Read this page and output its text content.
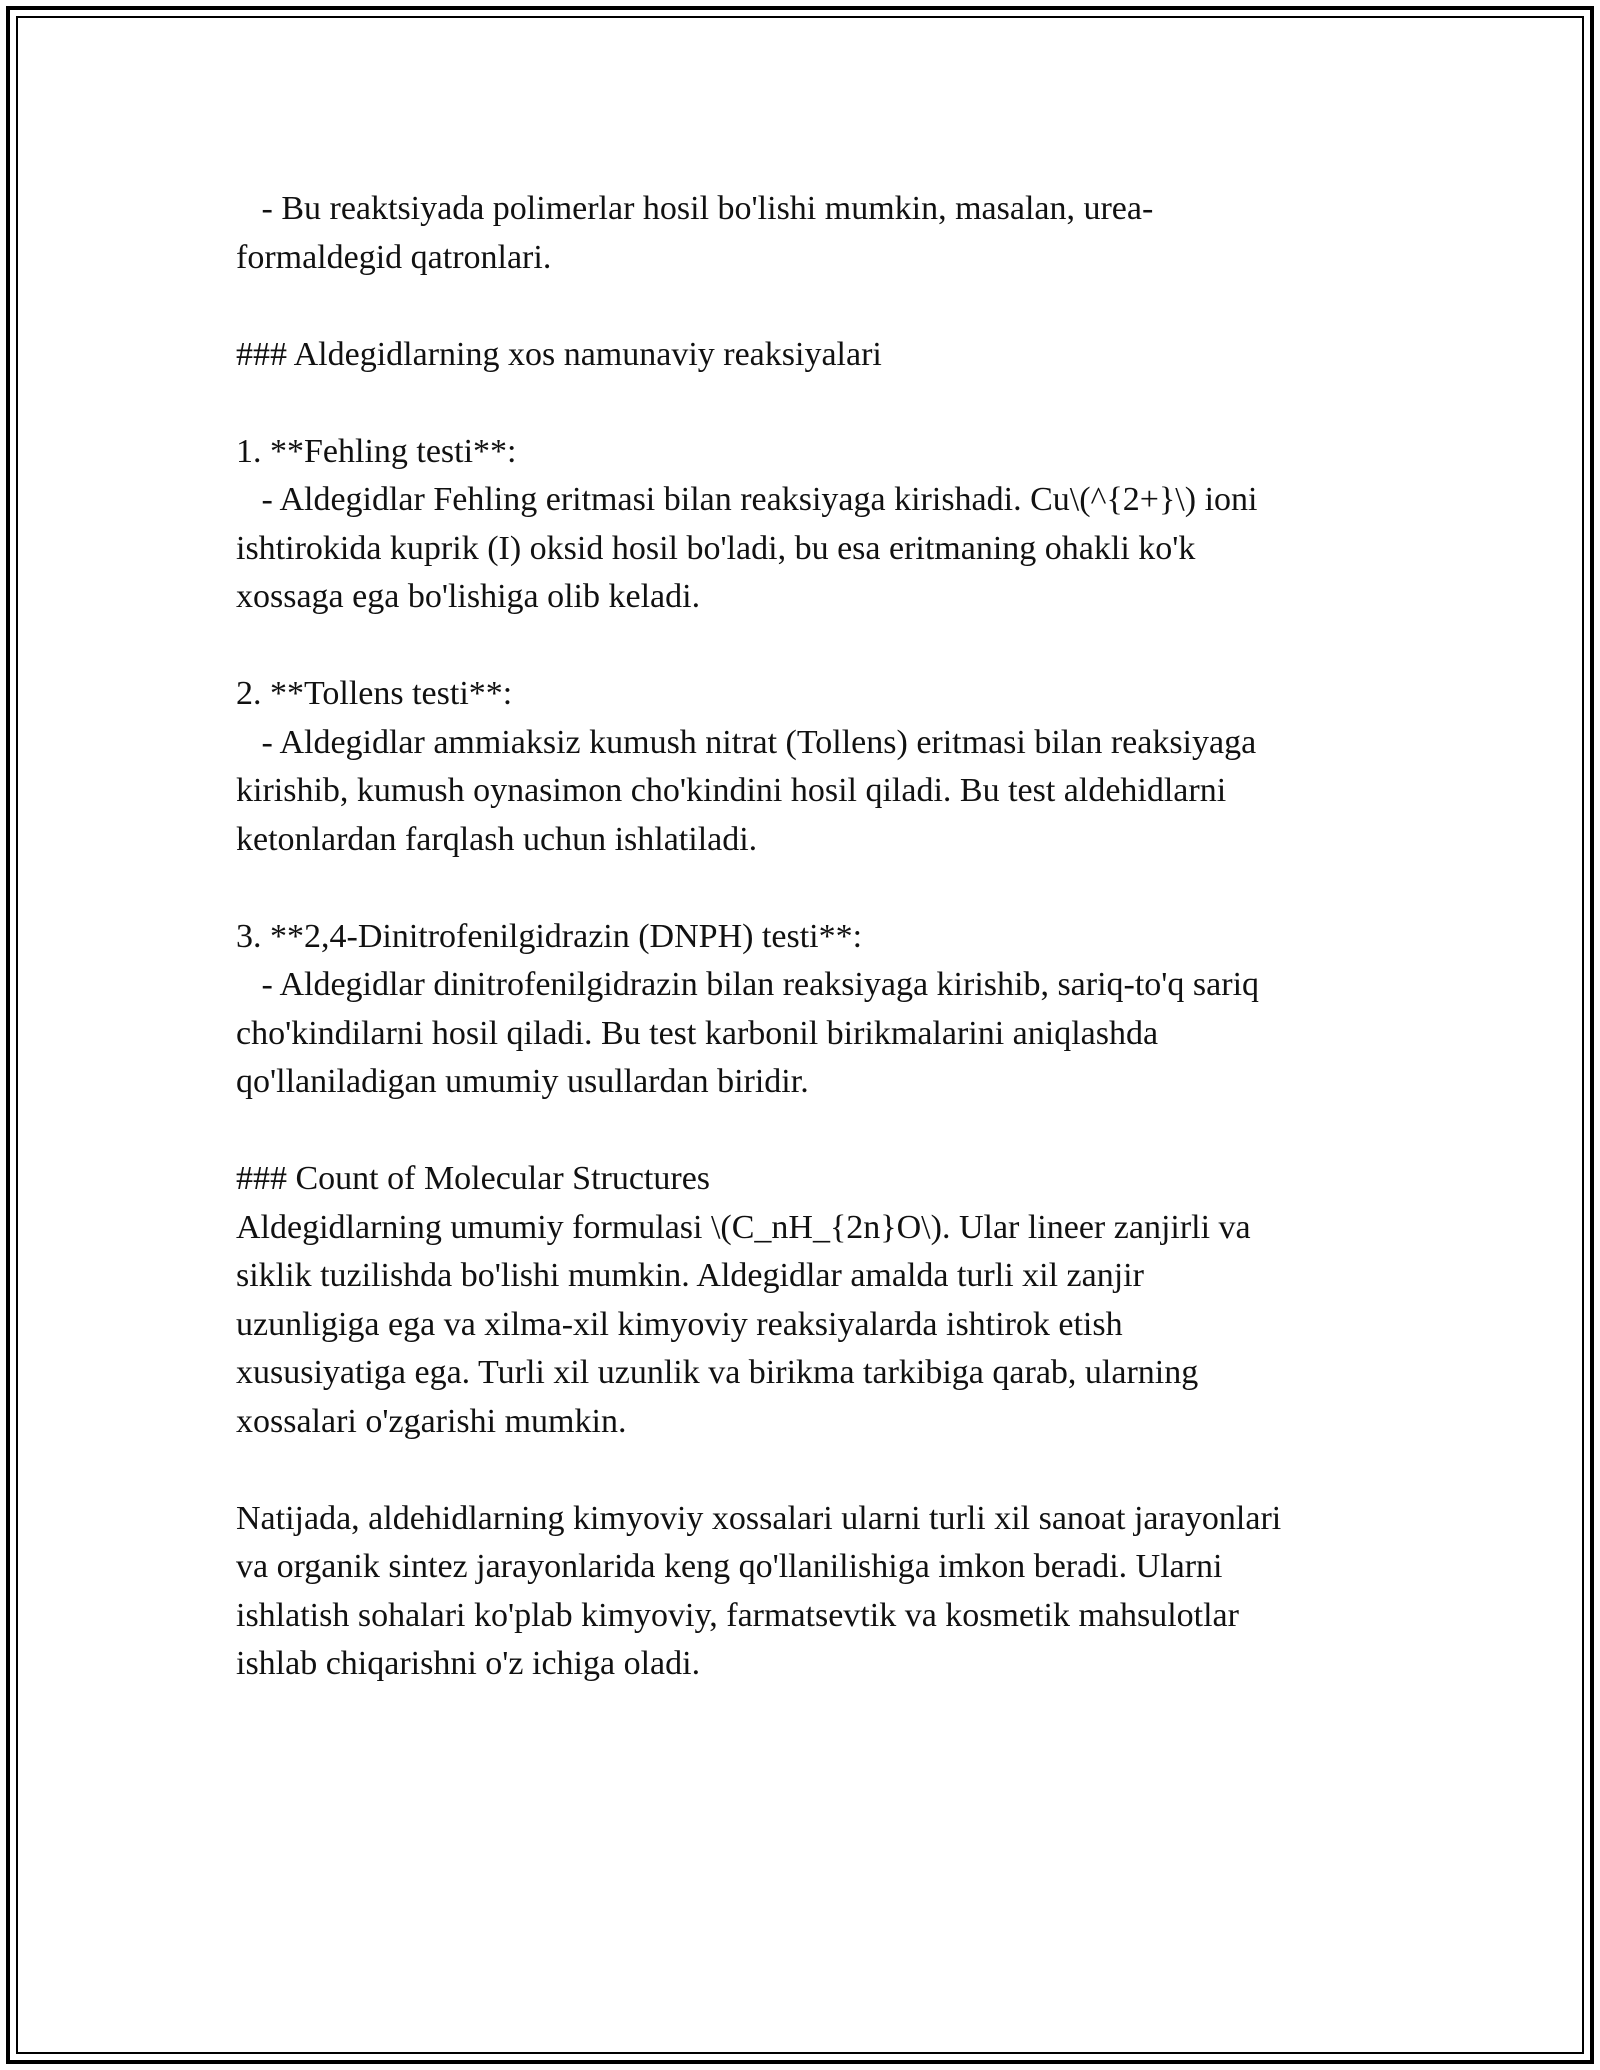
- Bu reaktsiyada polimerlar hosil bo'lishi mumkin, masalan, urea-

formaldegid qatronlari.

### Aldegidlarning xos namunaviy reaksiyalari

1. **Fehling testi**:

- Aldegidlar Fehling eritmasi bilan reaksiyaga kirishadi. Cu\(^{2+}\) ioni

ishtirokida kuprik (I) oksid hosil bo'ladi, bu esa eritmaning ohakli ko'k

xossaga ega bo'lishiga olib keladi.

2. **Tollens testi**:

- Aldegidlar ammiaksiz kumush nitrat (Tollens) eritmasi bilan reaksiyaga

kirishib, kumush oynasimon cho'kindini hosil qiladi. Bu test aldehidlarni

ketonlardan farqlash uchun ishlatiladi.

3. **2,4-Dinitrofenilgidrazin (DNPH) testi**:

- Aldegidlar dinitrofenilgidrazin bilan reaksiyaga kirishib, sariq-to'q sariq

cho'kindilarni hosil qiladi. Bu test karbonil birikmalarini aniqlashda

qo'llaniladigan umumiy usullardan biridir.

### Count of Molecular Structures

Aldegidlarning umumiy formulasi \(C_nH_{2n}O\). Ular lineer zanjirli va

siklik tuzilishda bo'lishi mumkin. Aldegidlar amalda turli xil zanjir

uzunligiga ega va xilma-xil kimyoviy reaksiyalarda ishtirok etish

xususiyatiga ega. Turli xil uzunlik va birikma tarkibiga qarab, ularning

xossalari o'zgarishi mumkin.

Natijada, aldehidlarning kimyoviy xossalari ularni turli xil sanoat jarayonlari

va organik sintez jarayonlarida keng qo'llanilishiga imkon beradi. Ularni

ishlatish sohalari ko'plab kimyoviy, farmatsevtik va kosmetik mahsulotlar

ishlab chiqarishni o'z ichiga oladi.
